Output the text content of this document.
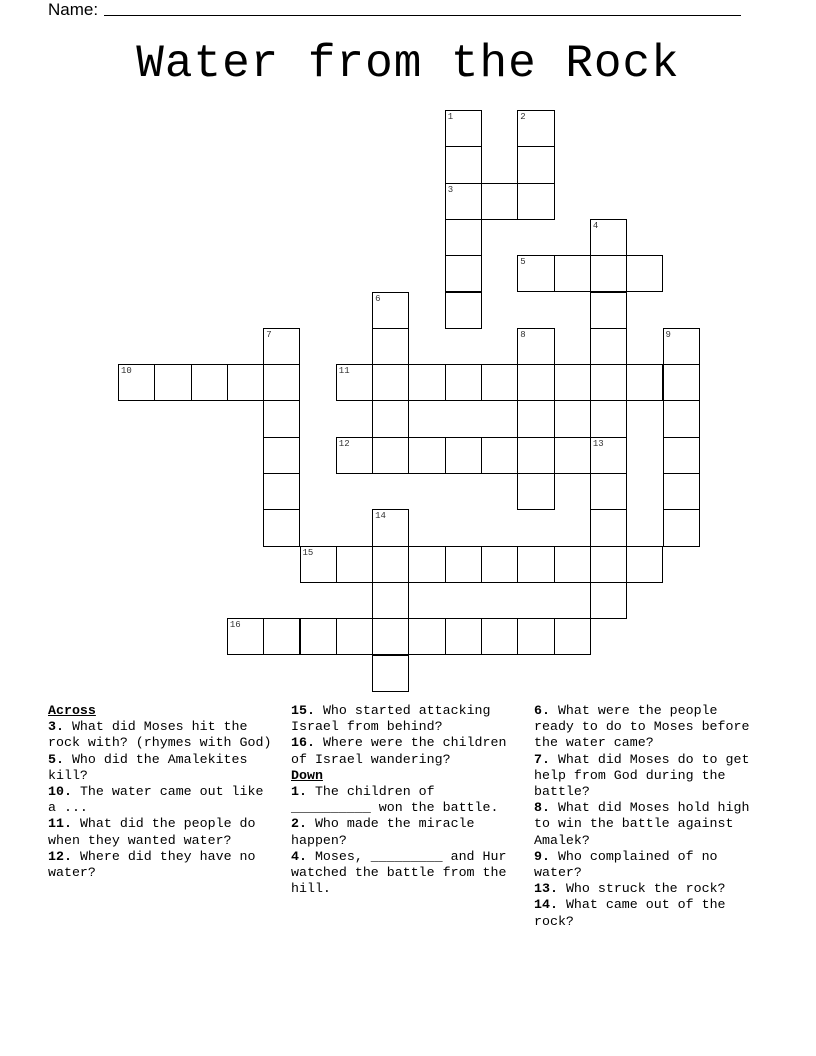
Name:
Water from the Rock
1
3
2
4
5
6
7	8	9
10	11
12	13
14
15
16
Across
3. What did Moses hit the rock with? (rhymes with God)
5. Who did the Amalekites kill?
10. The water came out like a ...
11. What did the people do when they wanted water?
12. Where did they have no water?
15. Who started attacking Israel from behind?
16. Where were the children of Israel wandering?
Down
1. The children of __________ won the battle.
2. Who made the miracle happen?
4. Moses, _________ and Hur watched the battle from the hill.
6. What were the people ready to do to Moses before the water came?
7. What did Moses do to get help from God during the battle?
8. What did Moses hold high to win the battle against Amalek?
9. Who complained of no water?
13. Who struck the rock?
14. What came out of the rock?
